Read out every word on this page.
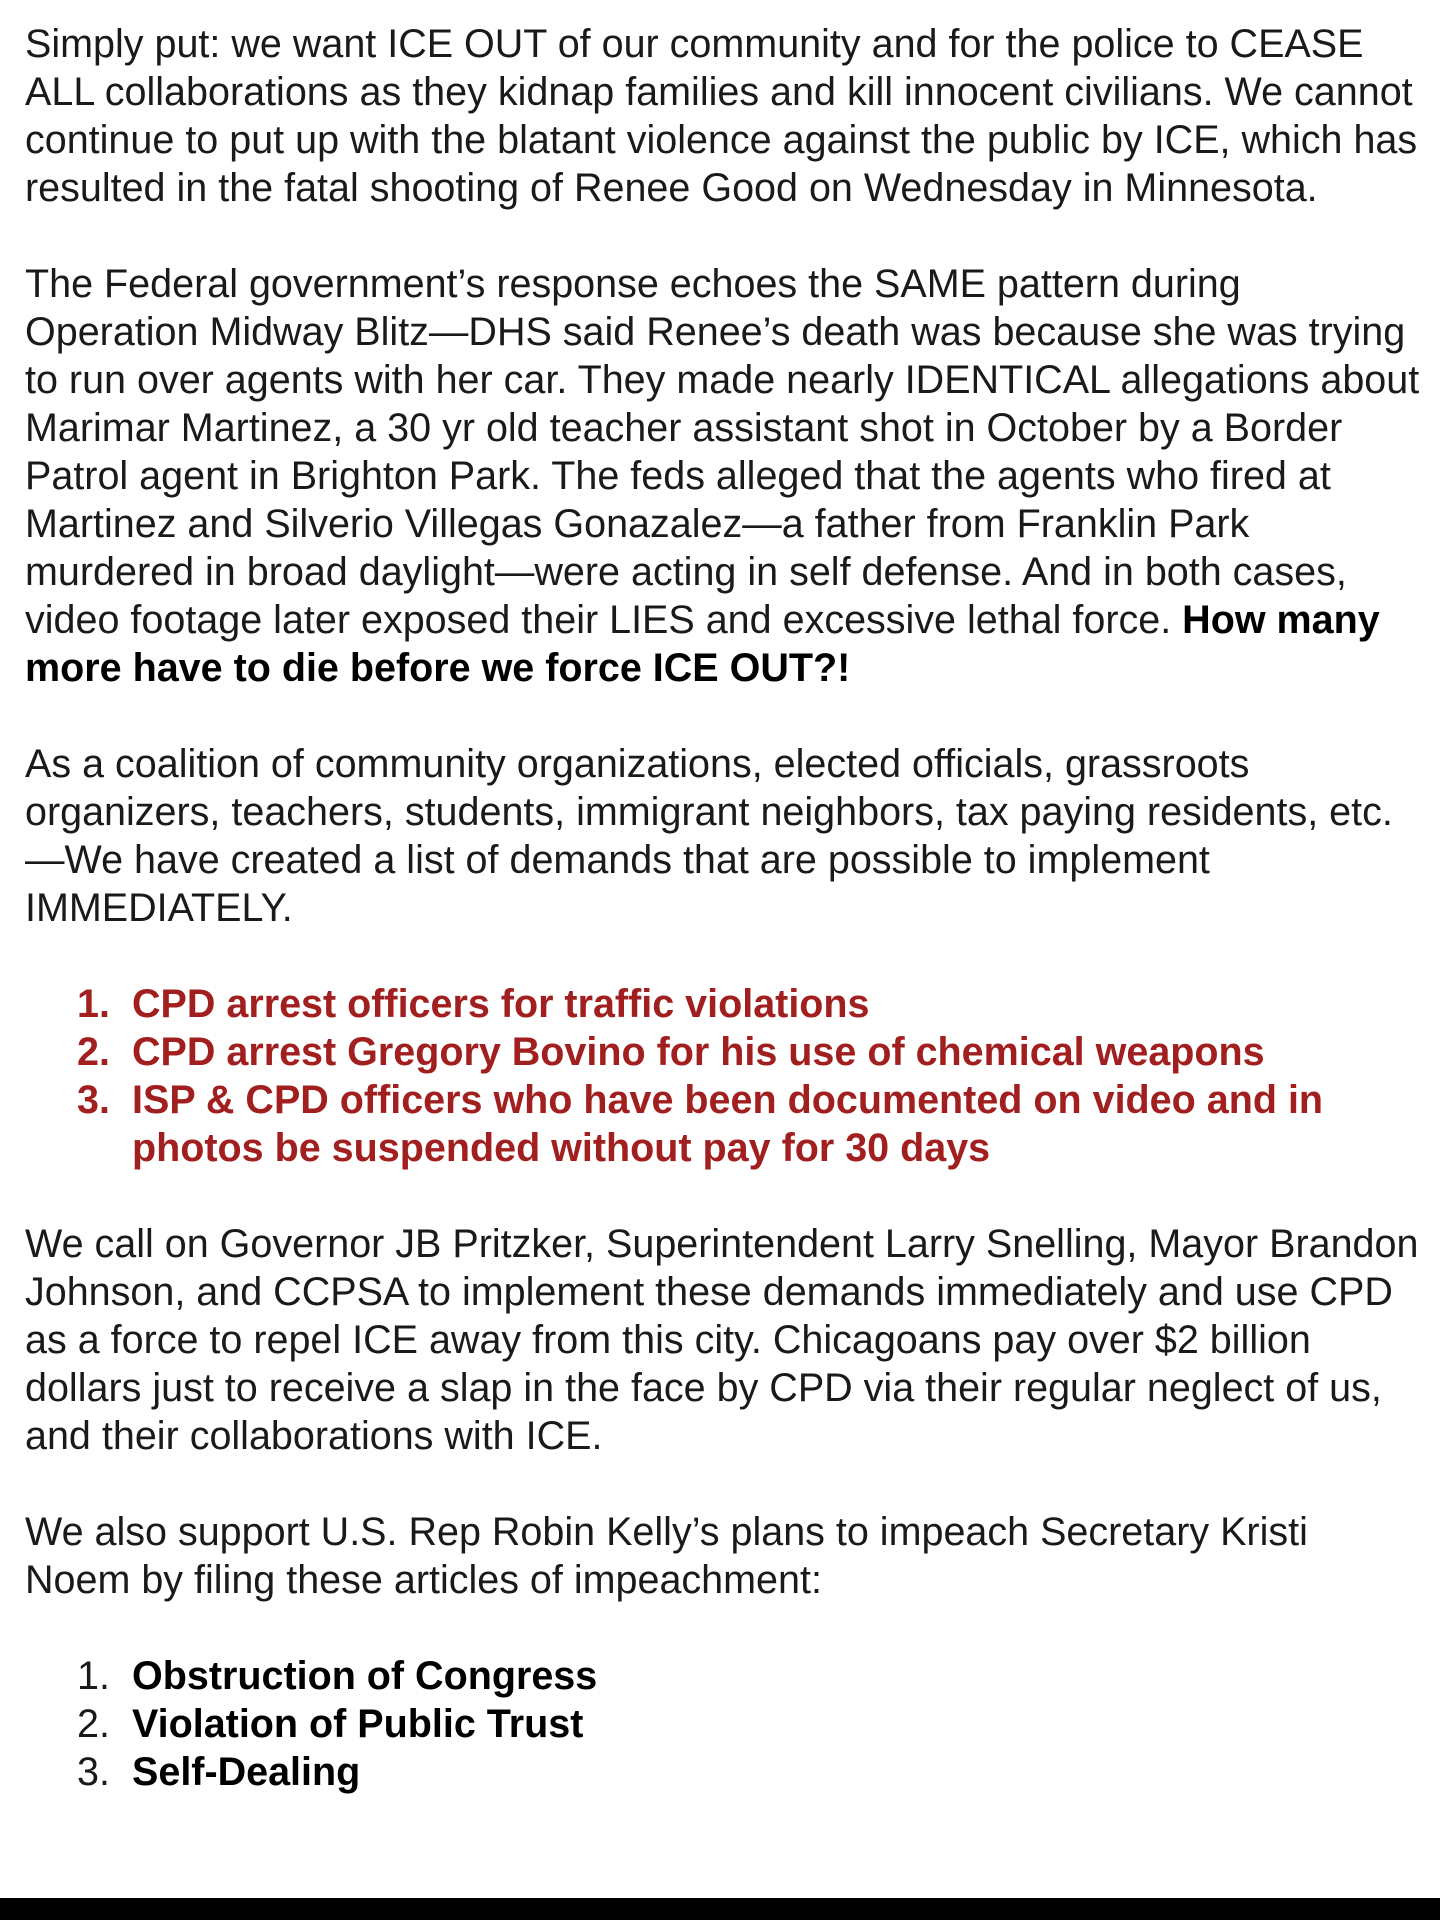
Simply put: we want ICE OUT of our community and for the police to CEASE ALL collaborations as they kidnap families and kill innocent civilians. We cannot continue to put up with the blatant violence against the public by ICE, which has resulted in the fatal shooting of Renee Good on Wednesday in Minnesota.

The Federal government’s response echoes the SAME pattern during Operation Midway Blitz—DHS said Renee’s death was because she was trying to run over agents with her car. They made nearly IDENTICAL allegations about Marimar Martinez, a 30 yr old teacher assistant shot in October by a Border Patrol agent in Brighton Park. The feds alleged that the agents who fired at Martinez and Silverio Villegas Gonazalez—a father from Franklin Park murdered in broad daylight—were acting in self defense. And in both cases, video footage later exposed their LIES and excessive lethal force. How many more have to die before we force ICE OUT?!

As a coalition of community organizations, elected officials, grassroots organizers, teachers, students, immigrant neighbors, tax paying residents, etc.—We have created a list of demands that are possible to implement IMMEDIATELY.

1. CPD arrest officers for traffic violations
2. CPD arrest Gregory Bovino for his use of chemical weapons
3. ISP & CPD officers who have been documented on video and in photos be suspended without pay for 30 days

We call on Governor JB Pritzker, Superintendent Larry Snelling, Mayor Brandon Johnson, and CCPSA to implement these demands immediately and use CPD as a force to repel ICE away from this city. Chicagoans pay over $2 billion dollars just to receive a slap in the face by CPD via their regular neglect of us, and their collaborations with ICE.

We also support U.S. Rep Robin Kelly’s plans to impeach Secretary Kristi Noem by filing these articles of impeachment:

1. Obstruction of Congress
2. Violation of Public Trust
3. Self-Dealing
